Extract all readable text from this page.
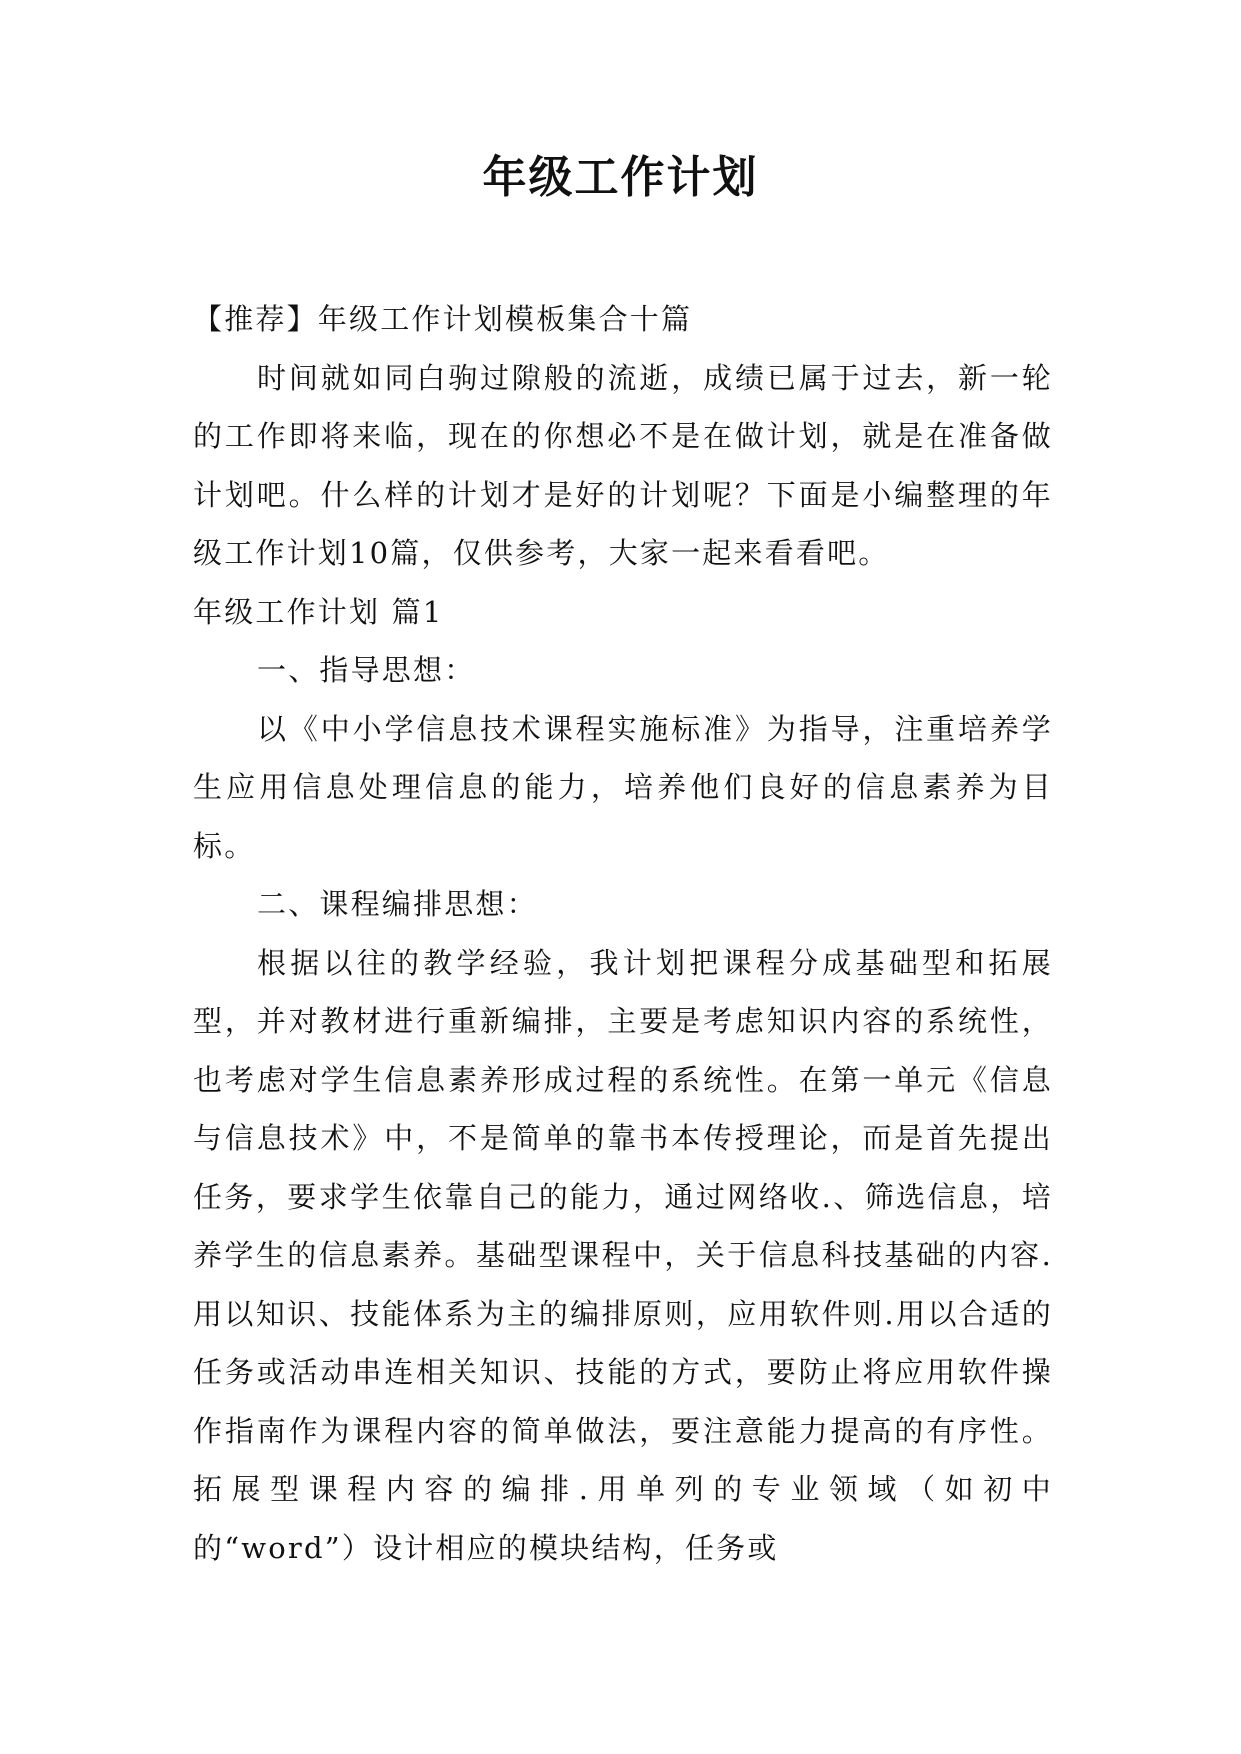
年级工作计划

【推荐】年级工作计划模板集合十篇

时间就如同白驹过隙般的流逝，成绩已属于过去，新一轮的工作即将来临，现在的你想必不是在做计划，就是在准备做计划吧。什么样的计划才是好的计划呢？下面是小编整理的年级工作计划10篇，仅供参考，大家一起来看看吧。

年级工作计划 篇1

一、指导思想：

以《中小学信息技术课程实施标准》为指导，注重培养学生应用信息处理信息的能力，培养他们良好的信息素养为目标。

二、课程编排思想：

根据以往的教学经验，我计划把课程分成基础型和拓展型，并对教材进行重新编排，主要是考虑知识内容的系统性，也考虑对学生信息素养形成过程的系统性。在第一单元《信息与信息技术》中，不是简单的靠书本传授理论，而是首先提出任务，要求学生依靠自己的能力，通过网络收.、筛选信息，培养学生的信息素养。基础型课程中，关于信息科技基础的内容.用以知识、技能体系为主的编排原则，应用软件则.用以合适的任务或活动串连相关知识、技能的方式，要防止将应用软件操作指南作为课程内容的简单做法，要注意能力提高的有序性。拓展型课程内容的编排.用单列的专业领域（如初中的“word”）设计相应的模块结构，任务或
